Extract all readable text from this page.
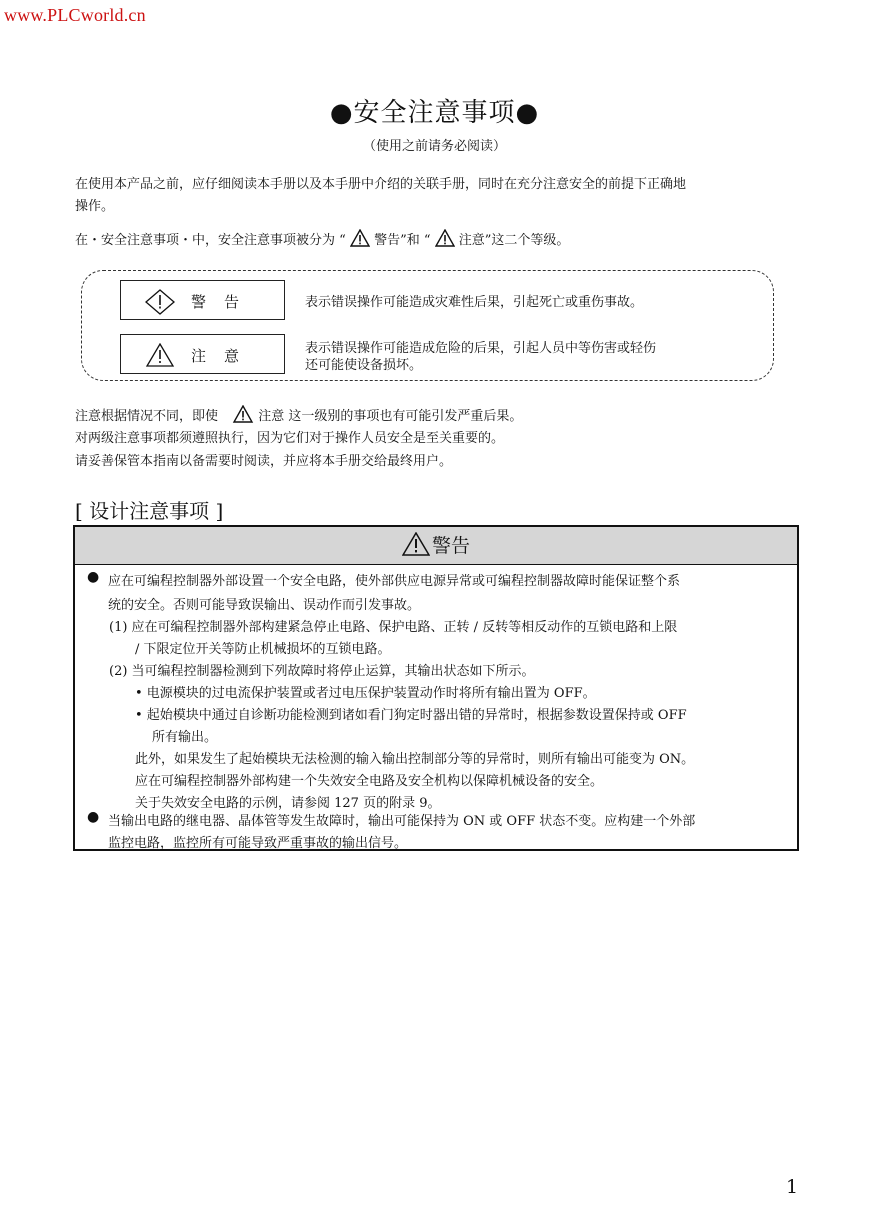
www.PLCworld.cn
●安全注意事项●
（使用之前请务必阅读）
在使用本产品之前，应仔细阅读本手册以及本手册中介绍的关联手册，同时在充分注意安全的前提下正确地
操作。
在・安全注意事项・中，安全注意事项被分为 “ 警告”和 “ 注意”这二个等级。
警告	表示错误操作可能造成灾难性后果，引起死亡或重伤事故。
注意	表示错误操作可能造成危险的后果，引起人员中等伤害或轻伤
还可能使设备损坏。
注意根据情况不同，即使	注意 这一级别的事项也有可能引发严重后果。
对两级注意事项都须遵照执行，因为它们对于操作人员安全是至关重要的。
请妥善保管本指南以备需要时阅读，并应将本手册交给最终用户。
[ 设计注意事项 ]
警告
● 应在可编程控制器外部设置一个安全电路，使外部供应电源异常或可编程控制器故障时能保证整个系
统的安全。否则可能导致误输出、误动作而引发事故。
(1) 应在可编程控制器外部构建紧急停止电路、保护电路、正转 / 反转等相反动作的互锁电路和上限
/ 下限定位开关等防止机械损坏的互锁电路。
(2) 当可编程控制器检测到下列故障时将停止运算，其输出状态如下所示。
• 电源模块的过电流保护装置或者过电压保护装置动作时将所有输出置为 OFF。
• 起始模块中通过自诊断功能检测到诸如看门狗定时器出错的异常时，根据参数设置保持或 OFF
所有输出。
此外，如果发生了起始模块无法检测的输入输出控制部分等的异常时，则所有输出可能变为 ON。
应在可编程控制器外部构建一个失效安全电路及安全机构以保障机械设备的安全。
关于失效安全电路的示例，请参阅 127 页的附录 9。
● 当输出电路的继电器、晶体管等发生故障时，输出可能保持为 ON 或 OFF 状态不变。应构建一个外部
监控电路，监控所有可能导致严重事故的输出信号。
1
